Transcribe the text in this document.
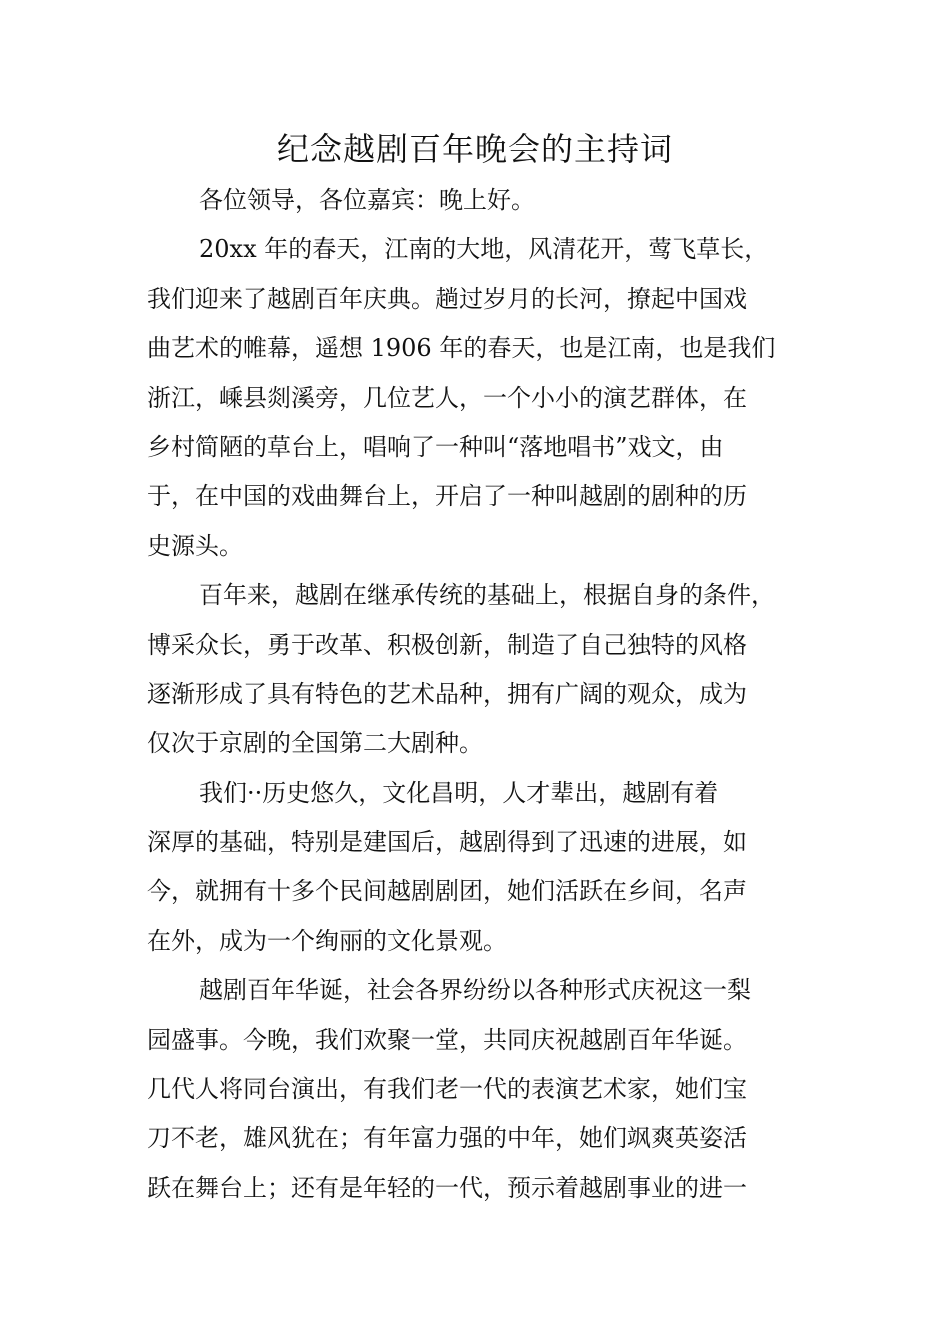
纪念越剧百年晚会的主持词
各位领导，各位嘉宾：晚上好。
20xx 年的春天，江南的大地，风清花开，莺飞草长，
我们迎来了越剧百年庆典。趟过岁月的长河，撩起中国戏
曲艺术的帷幕，遥想 1906 年的春天，也是江南，也是我们
浙江，嵊县剡溪旁，几位艺人，一个小小的演艺群体，在
乡村简陋的草台上，唱响了一种叫“落地唱书”戏文，由
于，在中国的戏曲舞台上，开启了一种叫越剧的剧种的历
史源头。
百年来，越剧在继承传统的基础上，根据自身的条件，
博采众长，勇于改革、积极创新，制造了自己独特的风格
逐渐形成了具有特色的艺术品种，拥有广阔的观众，成为
仅次于京剧的全国第二大剧种。
我们··历史悠久，文化昌明，人才辈出，越剧有着
深厚的基础，特别是建国后，越剧得到了迅速的进展，如
今，就拥有十多个民间越剧剧团，她们活跃在乡间，名声
在外，成为一个绚丽的文化景观。
越剧百年华诞，社会各界纷纷以各种形式庆祝这一梨
园盛事。今晚，我们欢聚一堂，共同庆祝越剧百年华诞。
几代人将同台演出，有我们老一代的表演艺术家，她们宝
刀不老，雄风犹在；有年富力强的中年，她们飒爽英姿活
跃在舞台上；还有是年轻的一代，预示着越剧事业的进一
